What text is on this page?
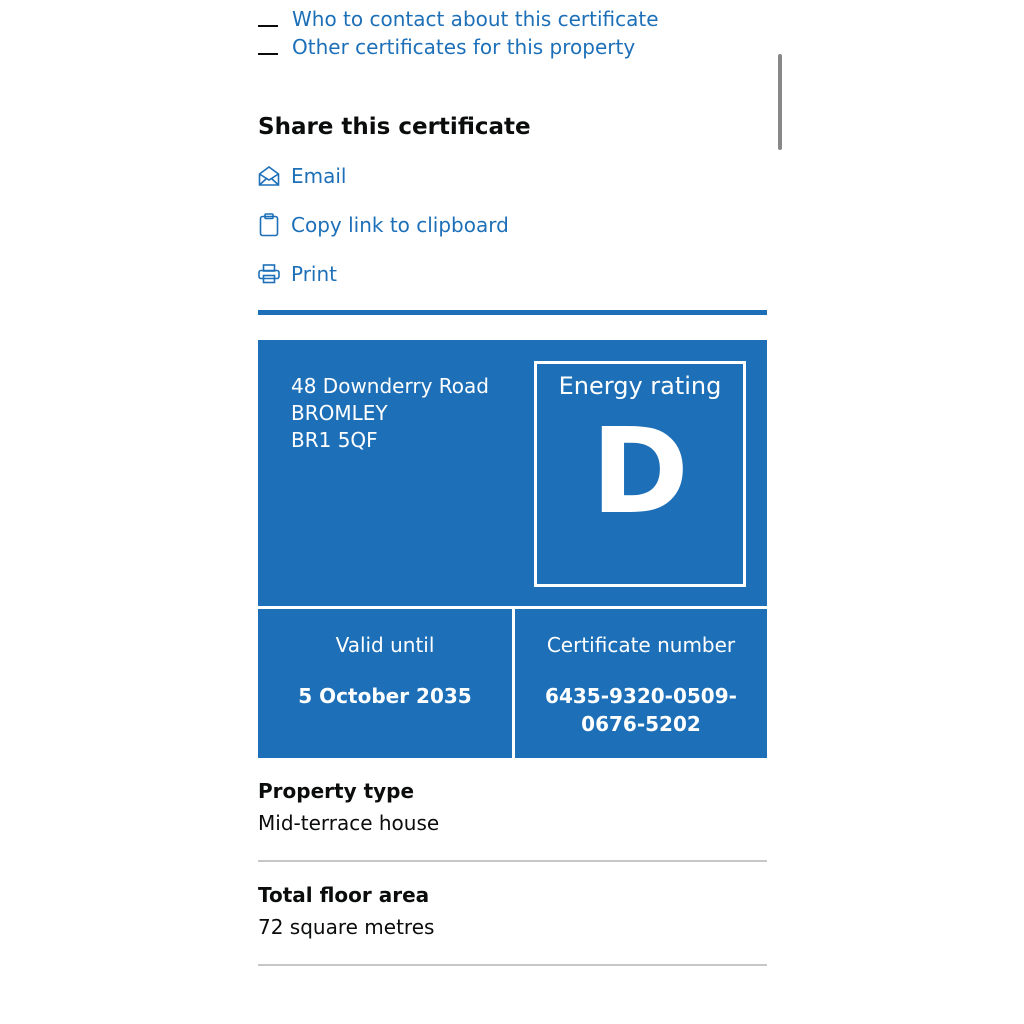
Who to contact about this certificate
Other certificates for this property
Share this certificate
Email
Copy link to clipboard
Print
48 Downderry Road
BROMLEY
BR1 5QF
Energy rating
D
Valid until
5 October 2035
Certificate number
6435-9320-0509-
0676-5202
Property type
Mid-terrace house
Total floor area
72 square metres
